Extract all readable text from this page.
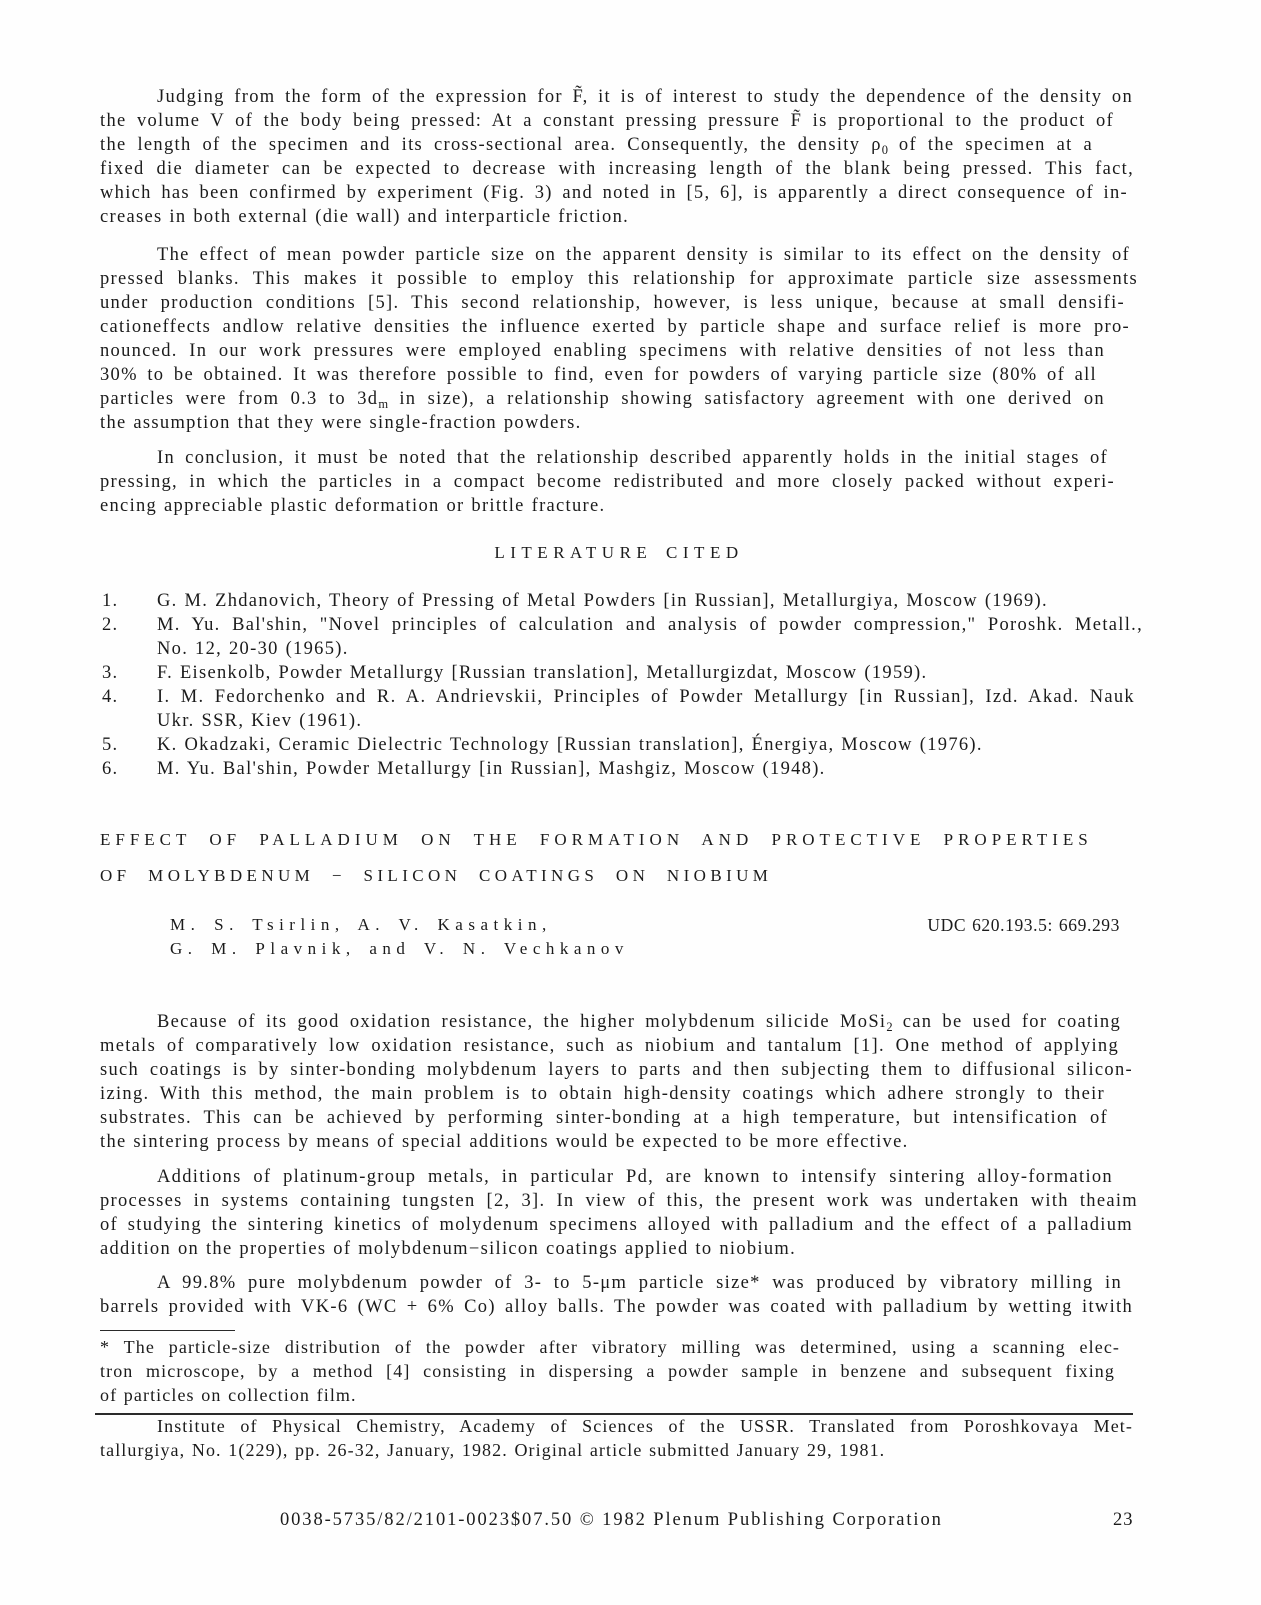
Judging from the form of the expression for F̃, it is of interest to study the dependence of the density on
the volume V of the body being pressed: At a constant pressing pressure F̃ is proportional to the product of
the length of the specimen and its cross-sectional area. Consequently, the density $\rho_0$ of the specimen at a
fixed die diameter can be expected to decrease with increasing length of the blank being pressed. This fact,
which has been confirmed by experiment (Fig. 3) and noted in [5, 6], is apparently a direct consequence of in-
creases in both external (die wall) and interparticle friction.
The effect of mean powder particle size on the apparent density is similar to its effect on the density of
pressed blanks. This makes it possible to employ this relationship for approximate particle size assessments
under production conditions [5]. This second relationship, however, is less unique, because at small densifi-
cationeffects andlow relative densities the influence exerted by particle shape and surface relief is more pro-
nounced. In our work pressures were employed enabling specimens with relative densities of not less than
30% to be obtained. It was therefore possible to find, even for powders of varying particle size (80% of all
particles were from 0.3 to $3d_m$ in size), a relationship showing satisfactory agreement with one derived on
the assumption that they were single-fraction powders.
In conclusion, it must be noted that the relationship described apparently holds in the initial stages of
pressing, in which the particles in a compact become redistributed and more closely packed without experi-
encing appreciable plastic deformation or brittle fracture.
LITERATURE CITED
1. G. M. Zhdanovich, Theory of Pressing of Metal Powders [in Russian], Metallurgiya, Moscow (1969).
2. M. Yu. Bal'shin, "Novel principles of calculation and analysis of powder compression," Poroshk. Metall.,
No. 12, 20-30 (1965).
3. F. Eisenkolb, Powder Metallurgy [Russian translation], Metallurgizdat, Moscow (1959).
4. I. M. Fedorchenko and R. A. Andrievskii, Principles of Powder Metallurgy [in Russian], Izd. Akad. Nauk
Ukr. SSR, Kiev (1961).
5. K. Okadzaki, Ceramic Dielectric Technology [Russian translation], Énergiya, Moscow (1976).
6. M. Yu. Bal'shin, Powder Metallurgy [in Russian], Mashgiz, Moscow (1948).
EFFECT OF PALLADIUM ON THE FORMATION AND PROTECTIVE PROPERTIES
OF MOLYBDENUM − SILICON COATINGS ON NIOBIUM
M. S. Tsirlin, A. V. Kasatkin,
G. M. Plavnik, and V. N. Vechkanov
UDC 620.193.5: 669.293
Because of its good oxidation resistance, the higher molybdenum silicide MoSi$_2$ can be used for coating
metals of comparatively low oxidation resistance, such as niobium and tantalum [1]. One method of applying
such coatings is by sinter-bonding molybdenum layers to parts and then subjecting them to diffusional silicon-
izing. With this method, the main problem is to obtain high-density coatings which adhere strongly to their
substrates. This can be achieved by performing sinter-bonding at a high temperature, but intensification of
the sintering process by means of special additions would be expected to be more effective.
Additions of platinum-group metals, in particular Pd, are known to intensify sintering alloy-formation
processes in systems containing tungsten [2, 3]. In view of this, the present work was undertaken with theaim
of studying the sintering kinetics of molydenum specimens alloyed with palladium and the effect of a palladium
addition on the properties of molybdenum−silicon coatings applied to niobium.
A 99.8% pure molybdenum powder of 3- to 5-μm particle size* was produced by vibratory milling in
barrels provided with VK-6 (WC + 6% Co) alloy balls. The powder was coated with palladium by wetting itwith
* The particle-size distribution of the powder after vibratory milling was determined, using a scanning elec-
tron microscope, by a method [4] consisting in dispersing a powder sample in benzene and subsequent fixing
of particles on collection film.
Institute of Physical Chemistry, Academy of Sciences of the USSR. Translated from Poroshkovaya Met-
tallurgiya, No. 1(229), pp. 26-32, January, 1982. Original article submitted January 29, 1981.
0038-5735/82/2101-0023$07.50 © 1982 Plenum Publishing Corporation	23
